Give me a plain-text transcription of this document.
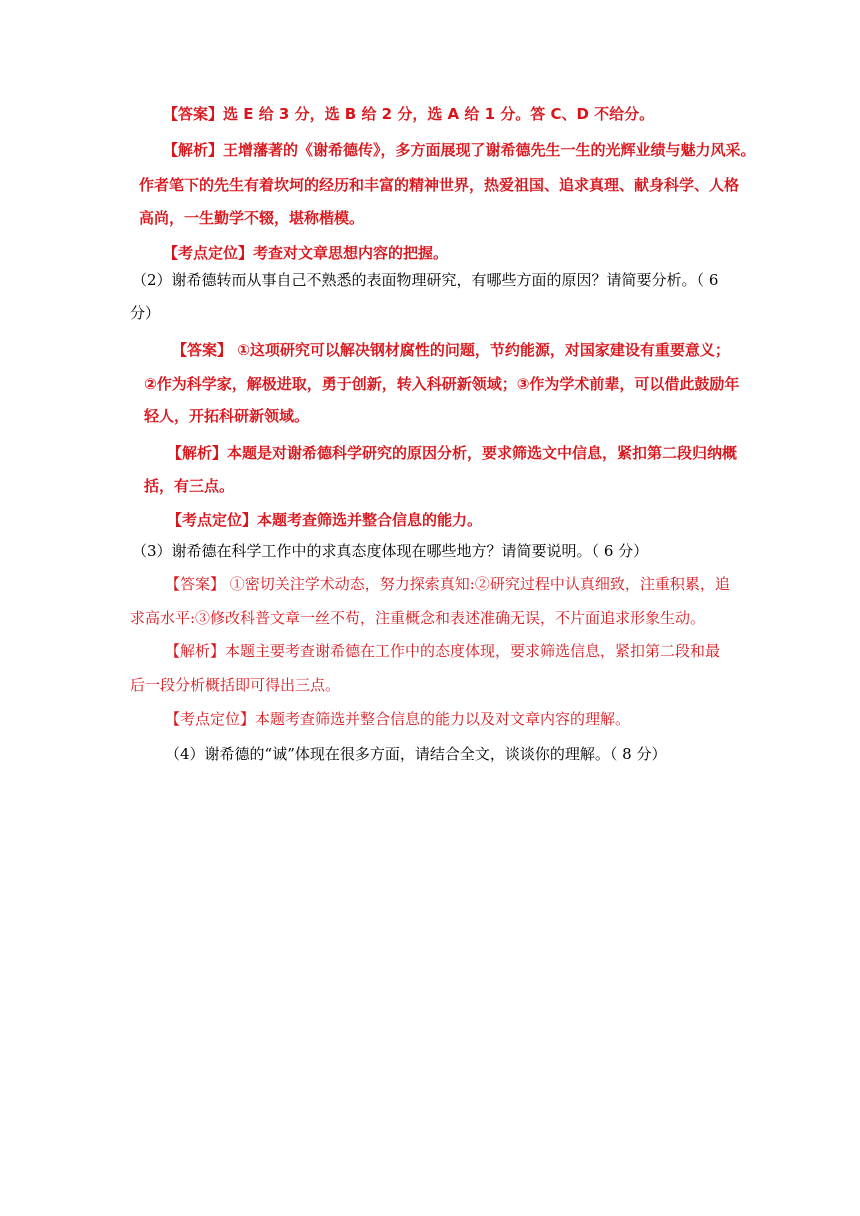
【答案】选 E 给 3 分，选 B 给 2 分，选 A 给 1 分。答 C、D 不给分。
【解析】王增藩著的《谢希德传》，多方面展现了谢希德先生一生的光辉业绩与魅力风采。
作者笔下的先生有着坎坷的经历和丰富的精神世界，热爱祖国、追求真理、献身科学、人格
高尚，一生勤学不辍，堪称楷模。
【考点定位】考查对文章思想内容的把握。
（2）谢希德转而从事自己不熟悉的表面物理研究，有哪些方面的原因？请简要分析。（ 6
分）
【答案】 ①这项研究可以解决钢材腐性的问题，节约能源，对国家建设有重要意义；
②作为科学家，解极进取，勇于创新，转入科研新领域；③作为学术前辈，可以借此鼓励年
轻人，开拓科研新领域。
【解析】本题是对谢希德科学研究的原因分析，要求筛选文中信息，紧扣第二段归纳概
括，有三点。
【考点定位】本题考查筛选并整合信息的能力。
（3）谢希德在科学工作中的求真态度体现在哪些地方？请简要说明。（ 6 分）
【答案】 ①密切关注学术动态，努力探索真知:②研究过程中认真细致，注重积累，追
求高水平:③修改科普文章一丝不苟，注重概念和表述准确无误，不片面追求形象生动。
【解析】本题主要考查谢希德在工作中的态度体现，要求筛选信息，紧扣第二段和最
后一段分析概括即可得出三点。
【考点定位】本题考查筛选并整合信息的能力以及对文章内容的理解。
（4）谢希德的“诚”体现在很多方面，请结合全文，谈谈你的理解。（ 8 分）
